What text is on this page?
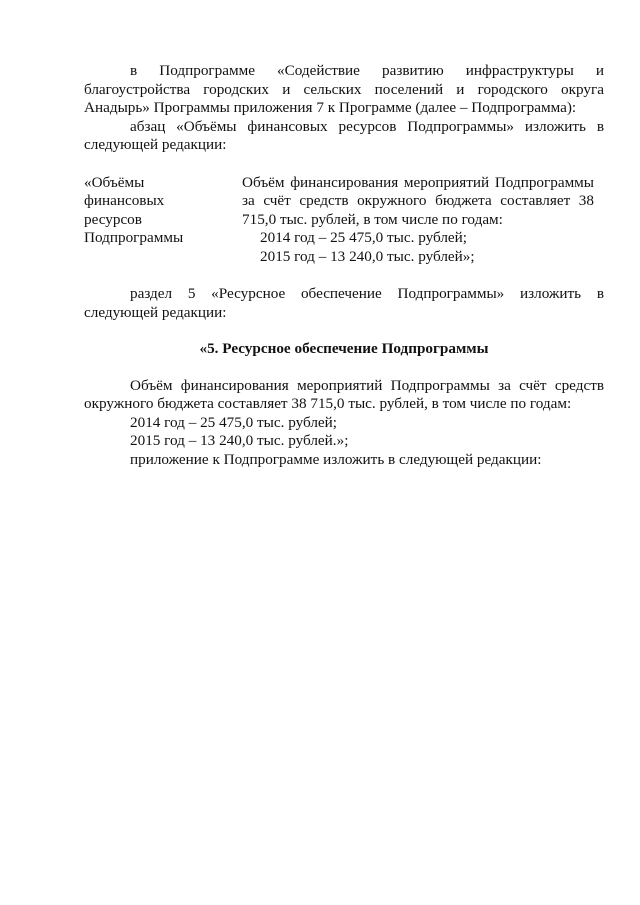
в Подпрограмме «Содействие развитию инфраструктуры и благоустройства городских и сельских поселений и городского округа Анадырь» Программы приложения 7 к Программе (далее – Подпрограмма):

абзац «Объёмы финансовых ресурсов Подпрограммы» изложить в следующей редакции:

«Объёмы
финансовых
ресурсов
Подпрограммы

Объём финансирования мероприятий Подпрограммы за счёт средств окружного бюджета составляет 38 715,0 тыс. рублей, в том числе по годам:

2014 год – 25 475,0 тыс. рублей;
2015 год – 13 240,0 тыс. рублей»;

раздел 5 «Ресурсное обеспечение Подпрограммы» изложить в следующей редакции:

«5. Ресурсное обеспечение Подпрограммы

Объём финансирования мероприятий Подпрограммы за счёт средств окружного бюджета составляет 38 715,0 тыс. рублей, в том числе по годам:

2014 год – 25 475,0 тыс. рублей;
2015 год – 13 240,0 тыс. рублей.»;
приложение к Подпрограмме изложить в следующей редакции:
